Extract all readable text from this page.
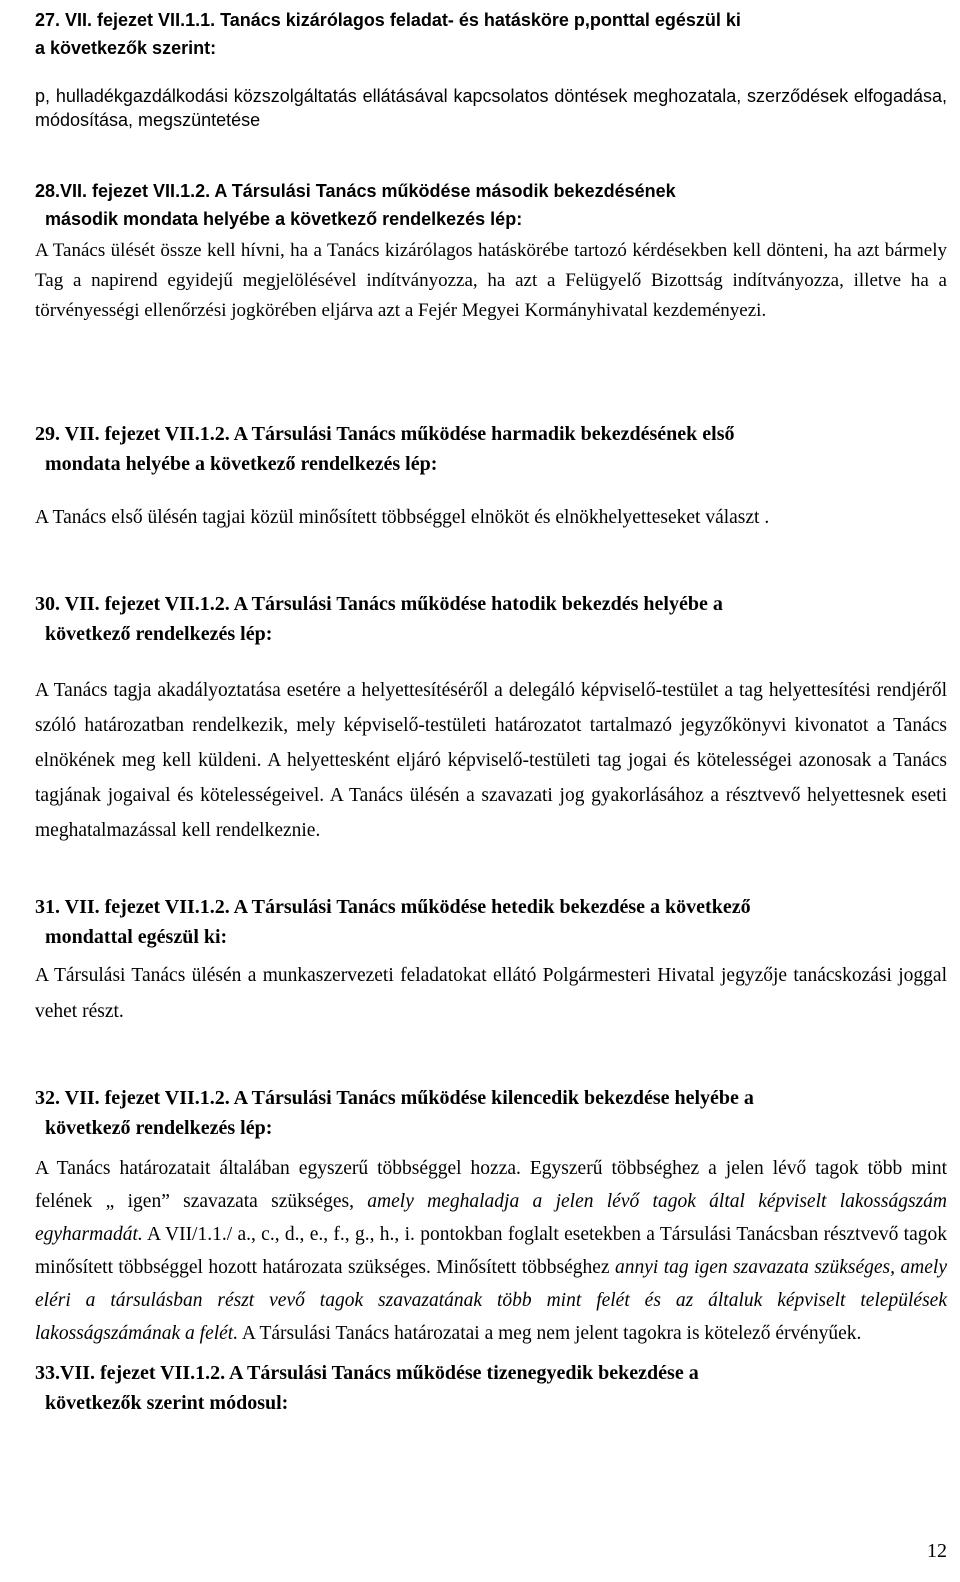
27. VII. fejezet VII.1.1. Tanács kizárólagos feladat- és hatásköre p,ponttal egészül ki
a következők szerint:

p, hulladékgazdálkodási közszolgáltatás ellátásával kapcsolatos döntések meghozatala, szerződések elfogadása, módosítása, megszüntetése

28.VII. fejezet VII.1.2. A Társulási Tanács működése második bekezdésének
második mondata helyébe a következő rendelkezés lép:

A Tanács ülését össze kell hívni, ha a Tanács kizárólagos hatáskörébe tartozó kérdésekben kell dönteni, ha azt bármely Tag a napirend egyidejű megjelölésével indítványozza, ha azt a Felügyelő Bizottság indítványozza, illetve ha a törvényességi ellenőrzési jogkörében eljárva azt a Fejér Megyei Kormányhivatal kezdeményezi.

29. VII. fejezet VII.1.2. A Társulási Tanács működése harmadik bekezdésének első
mondata helyébe a következő rendelkezés lép:

A Tanács első ülésén tagjai közül minősített többséggel elnököt és elnökhelyetteseket választ .

30. VII. fejezet VII.1.2. A Társulási Tanács működése hatodik bekezdés helyébe a
következő rendelkezés lép:

A Tanács tagja akadályoztatása esetére a helyettesítéséről a delegáló képviselő-testület a tag helyettesítési rendjéről szóló határozatban rendelkezik, mely képviselő-testületi határozatot tartalmazó jegyzőkönyvi kivonatot a Tanács elnökének meg kell küldeni. A helyettesként eljáró képviselő-testületi tag jogai és kötelességei azonosak a Tanács tagjának jogaival és kötelességeivel. A Tanács ülésén a szavazati jog gyakorlásához a résztvevő helyettesnek eseti meghatalmazással kell rendelkeznie.

31. VII. fejezet VII.1.2. A Társulási Tanács működése hetedik bekezdése a következő
mondattal egészül ki:

A Társulási Tanács ülésén a munkaszervezeti feladatokat ellátó Polgármesteri Hivatal jegyzője tanácskozási joggal vehet részt.

32. VII. fejezet VII.1.2. A Társulási Tanács működése kilencedik bekezdése helyébe a
következő rendelkezés lép:

A Tanács határozatait általában egyszerű többséggel hozza. Egyszerű többséghez a jelen lévő tagok több mint felének „ igen” szavazata szükséges, amely meghaladja a jelen lévő tagok által képviselt lakosságszám egyharmadát. A VII/1.1./ a., c., d., e., f., g., h., i. pontokban foglalt esetekben a Társulási Tanácsban résztvevő tagok minősített többséggel hozott határozata szükséges. Minősített többséghez annyi tag igen szavazata szükséges, amely eléri a társulásban részt vevő tagok szavazatának több mint felét és az általuk képviselt települések lakosságszámának a felét. A Társulási Tanács határozatai a meg nem jelent tagokra is kötelező érvényűek.

33.VII. fejezet VII.1.2. A Társulási Tanács működése tizenegyedik bekezdése a
következők szerint módosul:
12
